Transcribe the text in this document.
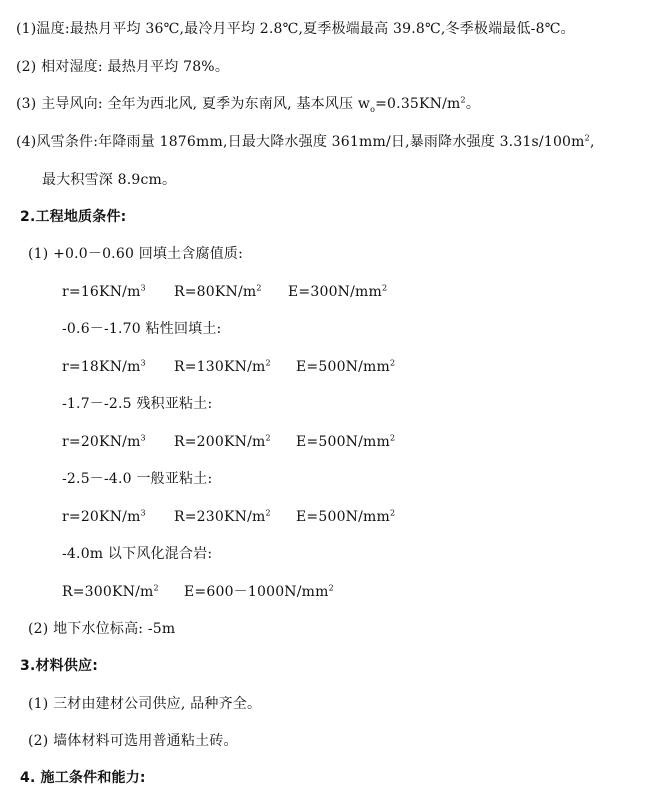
(1)温度:最热月平均 36℃,最冷月平均 2.8℃,夏季极端最高 39.8℃,冬季极端最低-8℃。
(2) 相对湿度: 最热月平均 78%。
(3) 主导风向: 全年为西北风, 夏季为东南风, 基本风压 $w_o=0.35KN/m^2$。
(4)风雪条件:年降雨量 1876mm,日最大降水强度 361mm/日,暴雨降水强度 $3.31s/100m^2$,
最大积雪深 8.9cm。
2.工程地质条件:
(1) +0.0－0.60 回填土含腐值质:
$r=16KN/m^3$ $R=80KN/m^2$ $E=300N/mm^2$
-0.6－-1.70 粘性回填土:
$r=18KN/m^3$ $R=130KN/m^2$ $E=500N/mm^2$
-1.7－-2.5 残积亚粘土:
$r=20KN/m^3$ $R=200KN/m^2$ $E=500N/mm^2$
-2.5－-4.0 一般亚粘土:
$r=20KN/m^3$ $R=230KN/m^2$ $E=500N/mm^2$
-4.0m 以下风化混合岩:
$R=300KN/m^2$ $E=600-1000N/mm^2$
(2) 地下水位标高: -5m
3.材料供应:
(1) 三材由建材公司供应, 品种齐全。
(2) 墙体材料可选用普通粘土砖。
4. 施工条件和能力:
